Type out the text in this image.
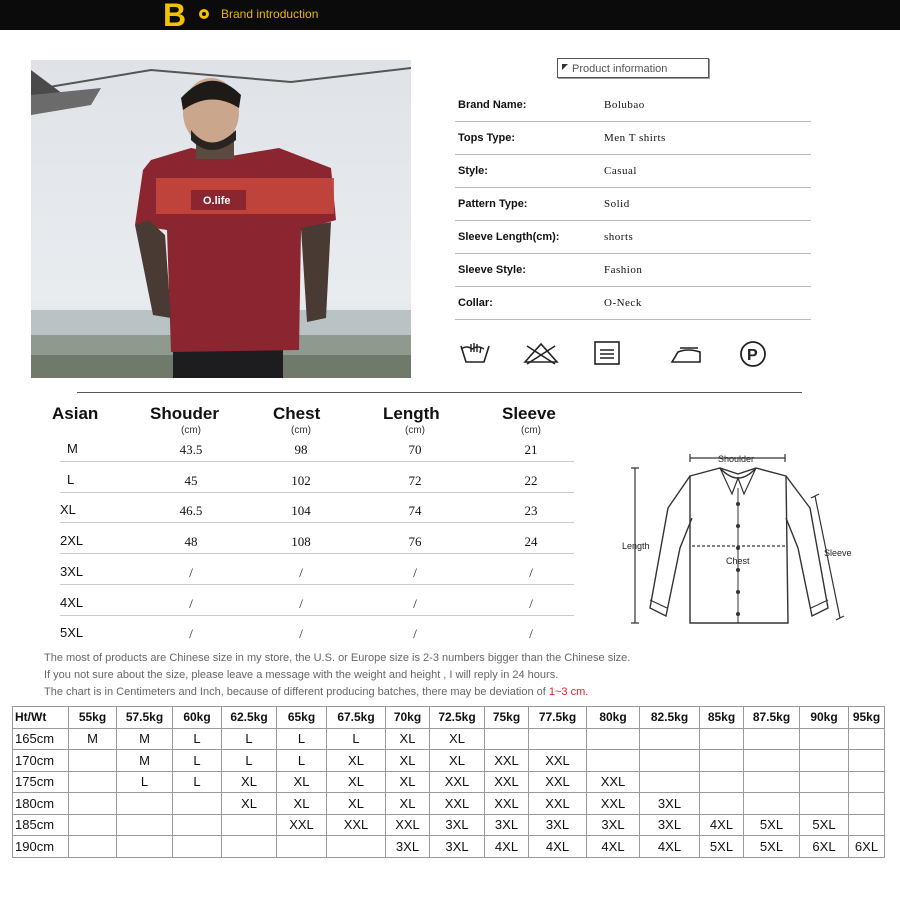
B	Brand introduction
O.life
Product information
Brand Name:	Bolubao
Tops Type:	Men T shirts
Style:	Casual
Pattern Type:	Solid
Sleeve Length(cm):	shorts
Sleeve Style:	Fashion
Collar:	O-Neck
P
Asian	Shouder
(cm)
Chest
(cm)
Length
(cm)
Sleeve
(cm)
M	43.5	98	70	21
L	45	102	72	22
XL	46.5	104	74	23
2XL	48	108	76	24
3XL	/	/	/	/
4XL	/	/	/	/
5XL	/	/	/	/
Shoulder
Length
Chest
Sleeve
The most of products are Chinese size in my store, the U.S. or Europe size is 2-3 numbers bigger than the Chinese size.
If you not sure about the size, please leave a message with the weight and height , I will reply in 24 hours.
The chart is in Centimeters and Inch, because of different producing batches, there may be deviation of 1~3 cm.
Ht/Wt	55kg	57.5kg	60kg	62.5kg	65kg	67.5kg	70kg	72.5kg	75kg	77.5kg	80kg	82.5kg	85kg	87.5kg	90kg	95kg
165cm	M	M	L	L	L	L	XL	XL								
170cm		M	L	L	L	XL	XL	XL	XXL	XXL						
175cm		L	L	XL	XL	XL	XL	XXL	XXL	XXL	XXL					
180cm				XL	XL	XL	XL	XXL	XXL	XXL	XXL	3XL				
185cm					XXL	XXL	XXL	3XL	3XL	3XL	3XL	3XL	4XL	5XL	5XL	
190cm							3XL	3XL	4XL	4XL	4XL	4XL	5XL	5XL	6XL	6XL
